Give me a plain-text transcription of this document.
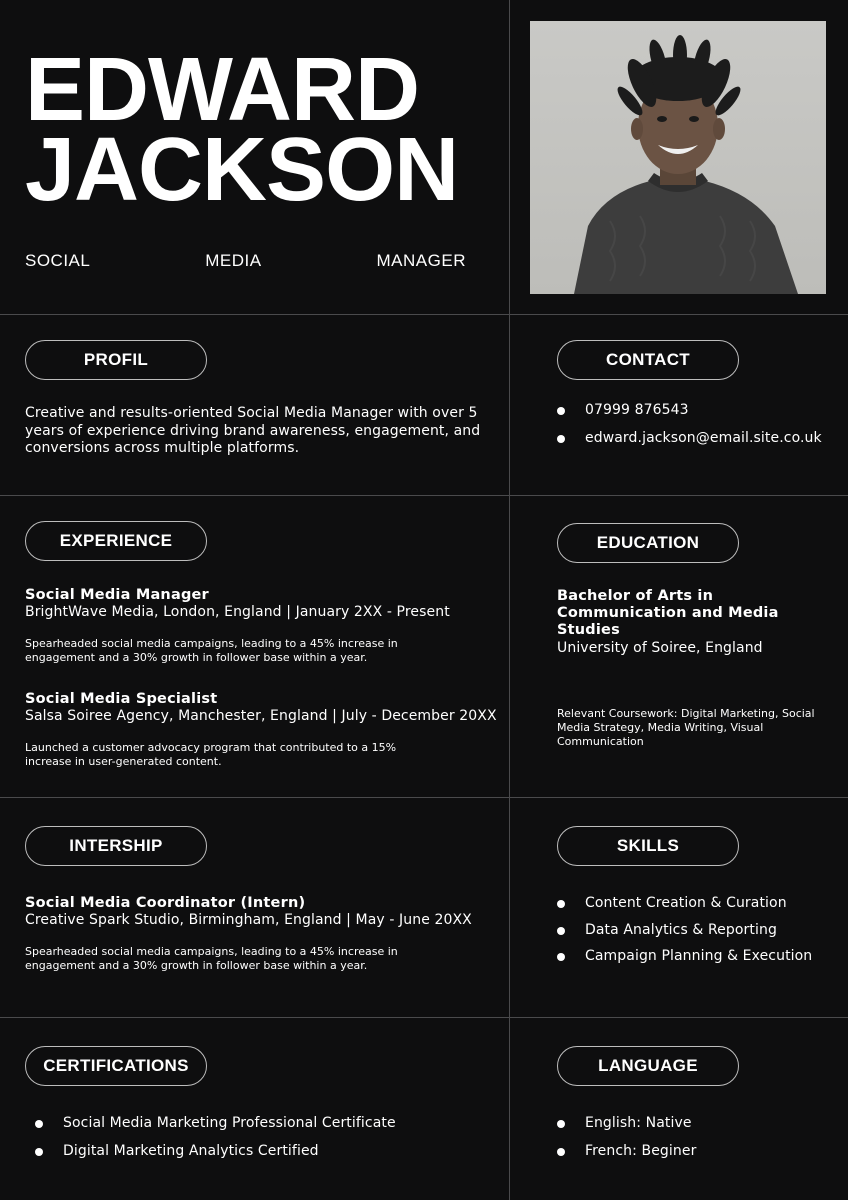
EDWARD
JACKSON
SOCIAL	MEDIA	MANAGER
PROFIL

Creative and results-oriented Social Media Manager with over 5 years of experience driving brand awareness, engagement, and conversions across multiple platforms.

CONTACT
07999 876543
edward.jackson@email.site.co.uk
EXPERIENCE
Social Media Manager
BrightWave Media, London, England | January 2XX - Present

Spearheaded social media campaigns, leading to a 45% increase in engagement and a 30% growth in follower base within a year.

Social Media Specialist
Salsa Soiree Agency, Manchester, England | July - December 20XX

Launched a customer advocacy program that contributed to a 15% increase in user-generated content.

EDUCATION
Bachelor of Arts in Communication and Media Studies
University of Soiree, England

Relevant Coursework: Digital Marketing, Social Media Strategy, Media Writing, Visual Communication

INTERSHIP
Social Media Coordinator (Intern)
Creative Spark Studio, Birmingham, England | May - June 20XX

Spearheaded social media campaigns, leading to a 45% increase in engagement and a 30% growth in follower base within a year.

SKILLS
Content Creation & Curation
Data Analytics & Reporting
Campaign Planning & Execution
CERTIFICATIONS
Social Media Marketing Professional Certificate
Digital Marketing Analytics Certified
LANGUAGE
English: Native
French: Beginer
